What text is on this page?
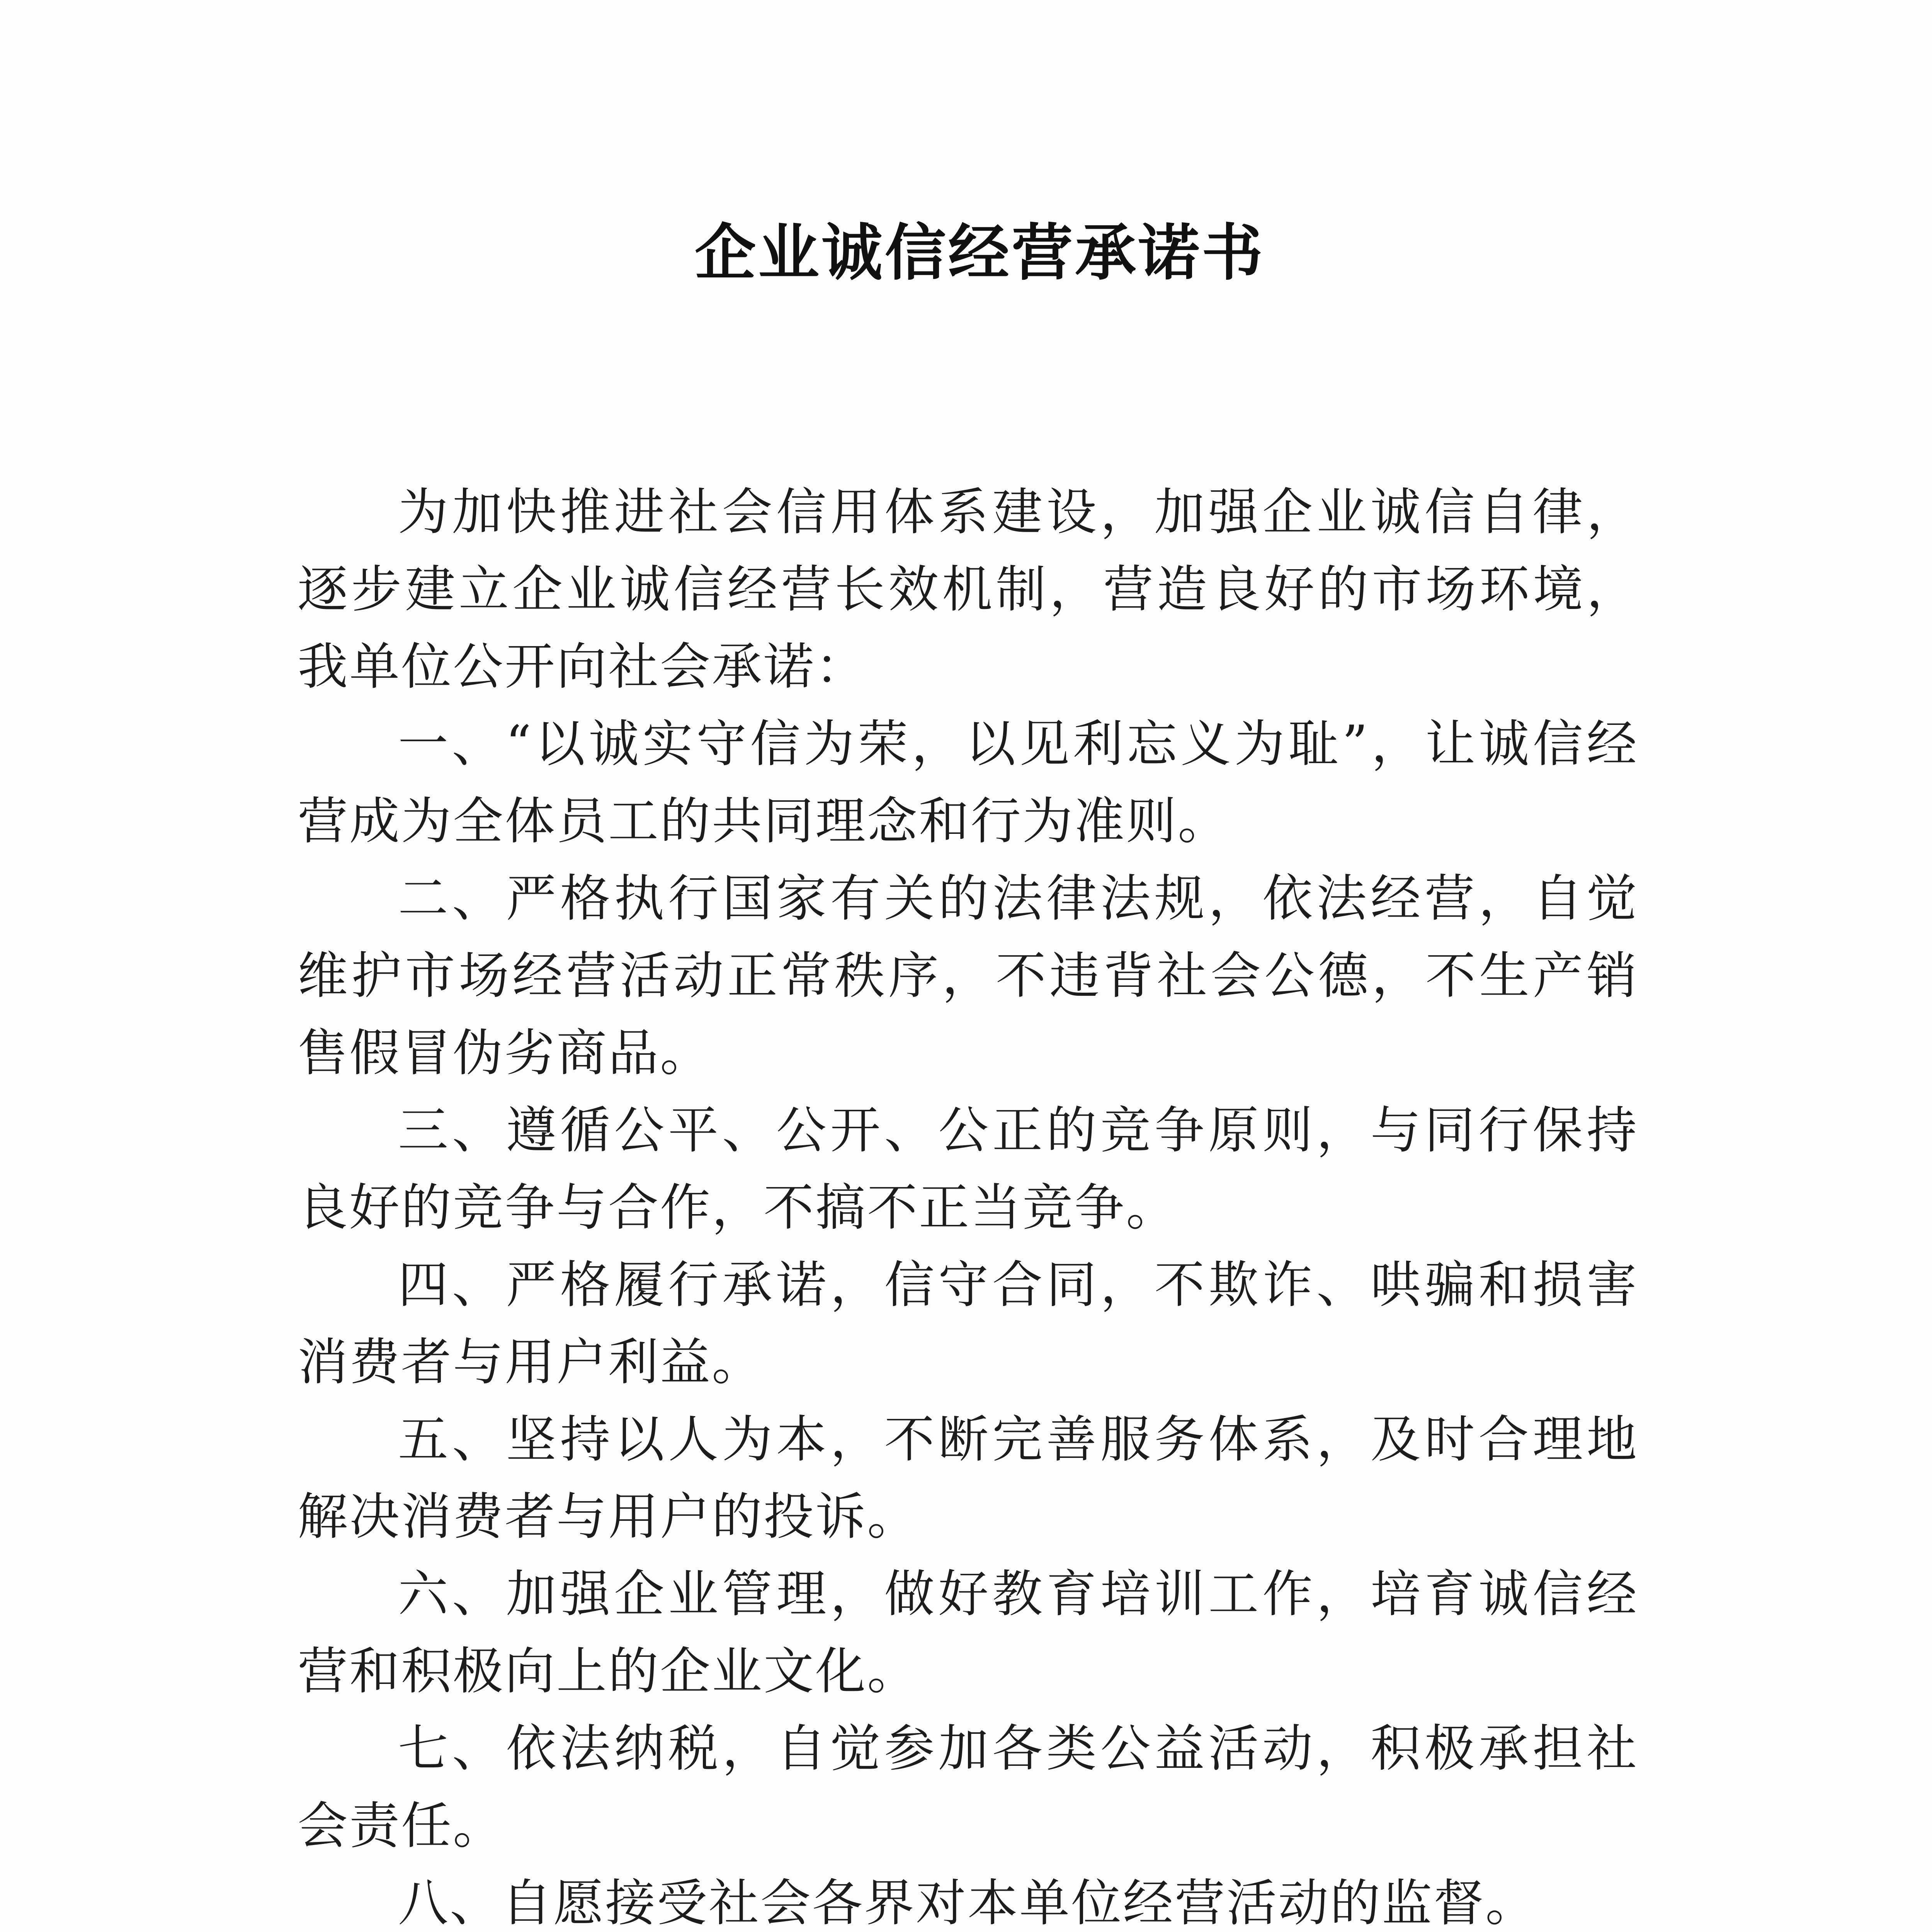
企业诚信经营承诺书

为加快推进社会信用体系建设，加强企业诚信自律，逐步建立企业诚信经营长效机制，营造良好的市场环境，我单位公开向社会承诺：

一、“以诚实守信为荣，以见利忘义为耻”，让诚信经营成为全体员工的共同理念和行为准则。

二、严格执行国家有关的法律法规，依法经营，自觉维护市场经营活动正常秩序，不违背社会公德，不生产销售假冒伪劣商品。

三、遵循公平、公开、公正的竞争原则，与同行保持良好的竞争与合作，不搞不正当竞争。

四、严格履行承诺，信守合同，不欺诈、哄骗和损害消费者与用户利益。

五、坚持以人为本，不断完善服务体系，及时合理地解决消费者与用户的投诉。

六、加强企业管理，做好教育培训工作，培育诚信经营和积极向上的企业文化。

七、依法纳税，自觉参加各类公益活动，积极承担社会责任。

八、自愿接受社会各界对本单位经营活动的监督。
